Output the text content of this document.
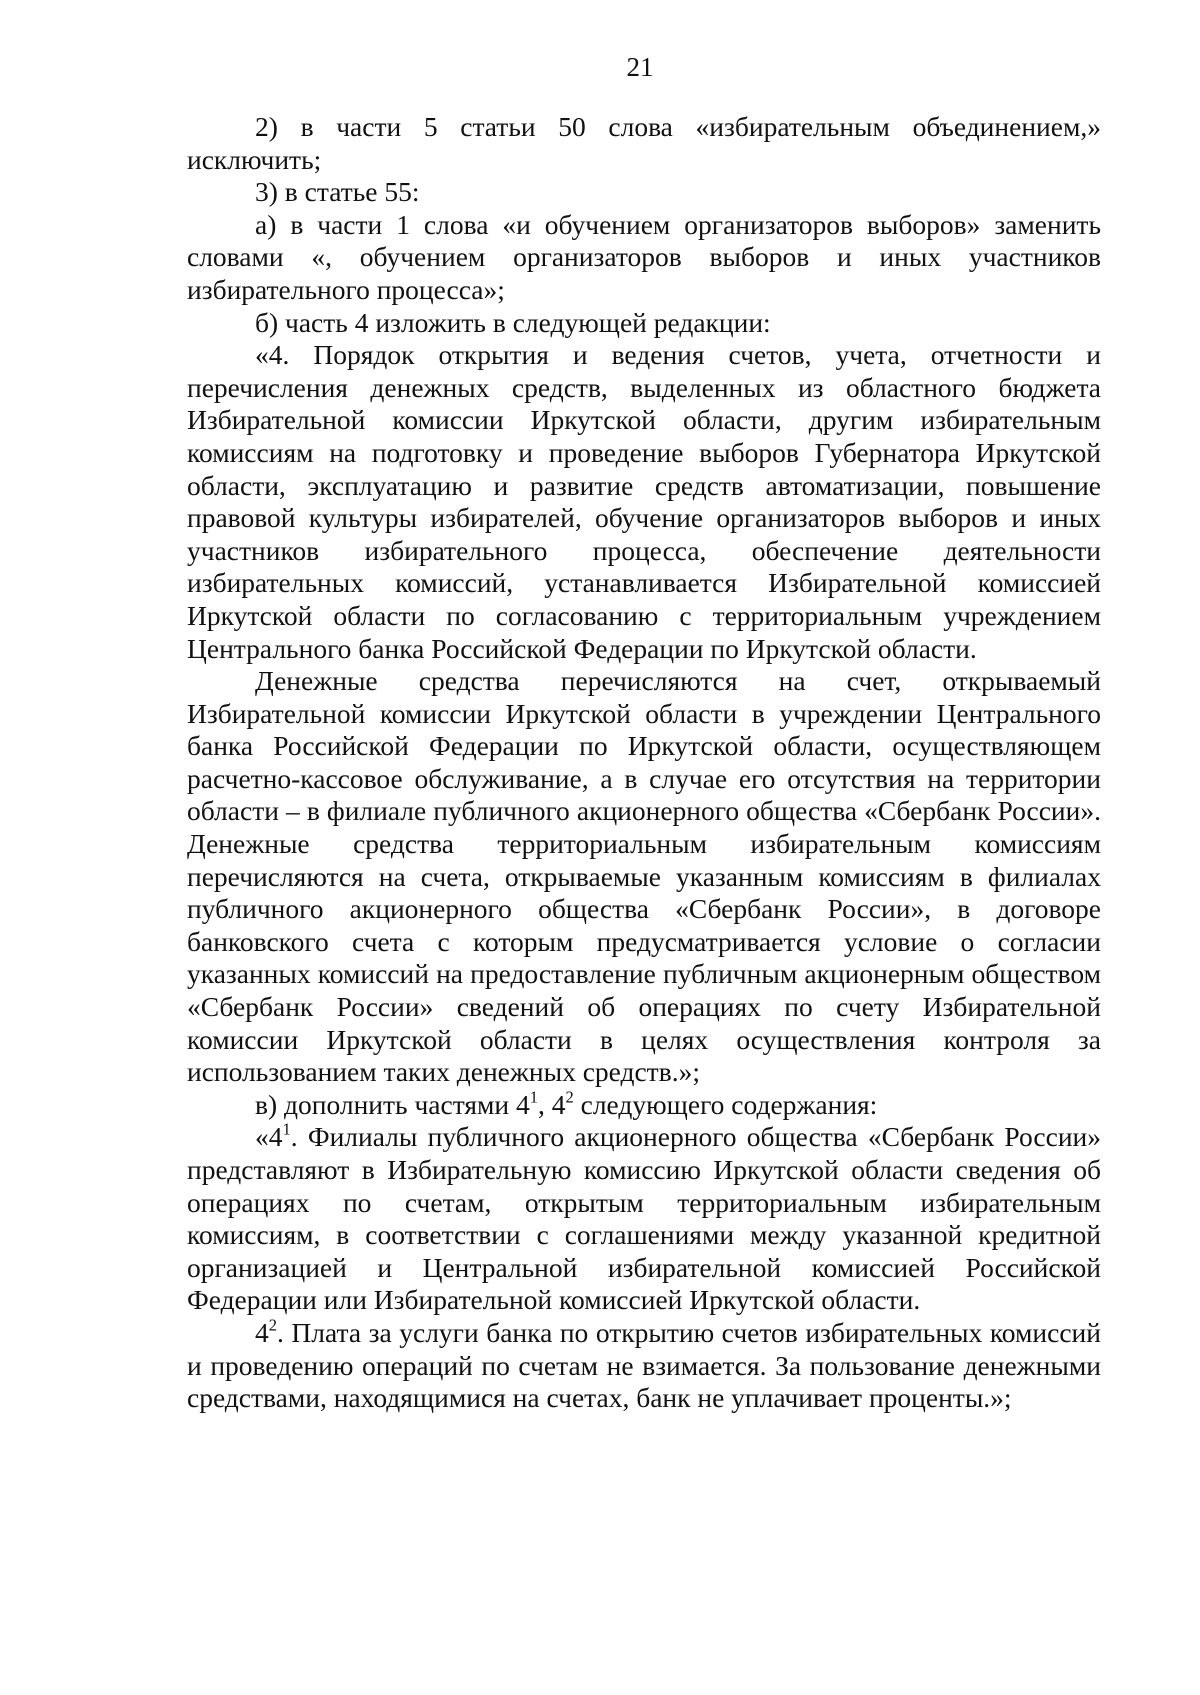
21

2) в части 5 статьи 50 слова «избирательным объединением,» исключить;

3) в статье 55:

а) в части 1 слова «и обучением организаторов выборов» заменить словами «, обучением организаторов выборов и иных участников избирательного процесса»;

б) часть 4 изложить в следующей редакции:

«4. Порядок открытия и ведения счетов, учета, отчетности и перечисления денежных средств, выделенных из областного бюджета Избирательной комиссии Иркутской области, другим избирательным комиссиям на подготовку и проведение выборов Губернатора Иркутской области, эксплуатацию и развитие средств автоматизации, повышение правовой культуры избирателей, обучение организаторов выборов и иных участников избирательного процесса, обеспечение деятельности избирательных комиссий, устанавливается Избирательной комиссией Иркутской области по согласованию с территориальным учреждением Центрального банка Российской Федерации по Иркутской области.

Денежные средства перечисляются на счет, открываемый Избирательной комиссии Иркутской области в учреждении Центрального банка Российской Федерации по Иркутской области, осуществляющем расчетно-кассовое обслуживание, а в случае его отсутствия на территории области – в филиале публичного акционерного общества «Сбербанк России». Денежные средства территориальным избирательным комиссиям перечисляются на счета, открываемые указанным комиссиям в филиалах публичного акционерного общества «Сбербанк России», в договоре банковского счета с которым предусматривается условие о согласии указанных комиссий на предоставление публичным акционерным обществом «Сбербанк России» сведений об операциях по счету Избирательной комиссии Иркутской области в целях осуществления контроля за использованием таких денежных средств.»;

в) дополнить частями $4^1$, $4^2$ следующего содержания:

«$4^1$. Филиалы публичного акционерного общества «Сбербанк России» представляют в Избирательную комиссию Иркутской области сведения об операциях по счетам, открытым территориальным избирательным комиссиям, в соответствии с соглашениями между указанной кредитной организацией и Центральной избирательной комиссией Российской Федерации или Избирательной комиссией Иркутской области.

$4^2$. Плата за услуги банка по открытию счетов избирательных комиссий и проведению операций по счетам не взимается. За пользование денежными средствами, находящимися на счетах, банк не уплачивает проценты.»;
